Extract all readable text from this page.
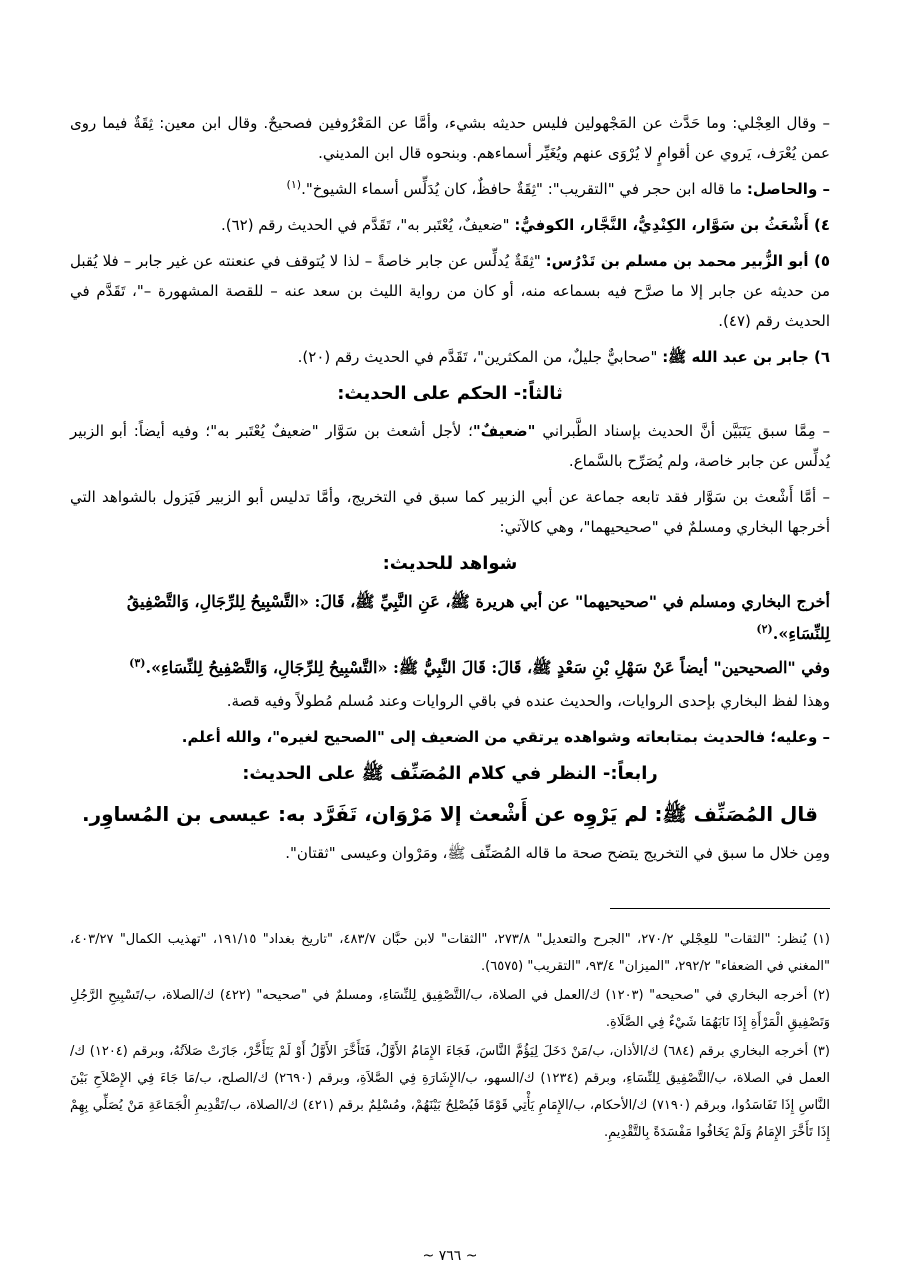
– وقال العِجْلي: وما حَدَّث عن المَجْهولين فليس حديثه بشيء، وأمَّا عن المَعْرُوفين فصحيحٌ. وقال ابن معين: ثِقَةٌ فيما روى عمن يُعْرَف، يَروي عن أقوامٍ لا يُرْوَى عنهم ويُغَيِّر أسماءهم. وبنحوه قال ابن المديني.

– والحاصل: ما قاله ابن حجر في "التقريب": "ثِقَةٌ حافظٌ، كان يُدَلِّس أسماء الشيوخ".$^{(١)}$

٤) أَشْعَثُ بن سَوَّار، الكِنْدِيُّ، النَّجَّار، الكوفيُّ: "ضعيفٌ، يُعْتَبر به"، تَقَدَّم في الحديث رقم (٦٢).

٥) أبو الزُّبير محمد بن مسلم بن تَدْرُس: "ثِقَةٌ يُدلِّس عن جابر خاصةً – لذا لا يُتوقف في عنعنته عن غير جابر – فلا يُقبل من حديثه عن جابر إلا ما صرَّح فيه بسماعه منه، أو كان من رواية الليث بن سعد عنه – للقصة المشهورة –"، تَقَدَّم في الحديث رقم (٤٧).

٦) جابر بن عبد الله ﷺ: "صحابيٌّ جليلٌ، من المكثرين"، تَقَدَّم في الحديث رقم (٢٠).

ثالثاً:- الحكم على الحديث:

– مِمَّا سبق يَتَبَيَّن أنَّ الحديث بإسناد الطَّبراني "ضعيفٌ"؛ لأجل أشعث بن سَوَّار "ضعيفٌ يُعْتَبر به"؛ وفيه أيضاً: أبو الزبير يُدلِّس عن جابر خاصة، ولم يُصَرِّح بالسَّماع.

– أمَّا أَشْعث بن سَوَّار فقد تابعه جماعة عن أبي الزبير كما سبق في التخريج، وأمَّا تدليس أبو الزبير فَيَزول بالشواهد التي أخرجها البخاري ومسلمٌ في "صحيحيهما"، وهي كالآتي:

شواهد للحديث:

أخرج البخاري ومسلم في "صحيحيهما" عن أبي هريرة ﷺ، عَنِ النَّبِيِّ ﷺ، قَالَ: «التَّسْبِيحُ لِلرِّجَالِ، وَالتَّصْفِيقُ لِلنِّسَاءِ».$^{(٢)}$

وفي "الصحيحين" أيضاً عَنْ سَهْلِ بْنِ سَعْدٍ ﷺ، قَالَ: قَالَ النَّبِيُّ ﷺ: «التَّسْبِيحُ لِلرِّجَالِ، وَالتَّصْفِيحُ لِلنِّسَاءِ».$^{(٣)}$

وهذا لفظ البخاري بإحدى الروايات، والحديث عنده في باقي الروايات وعند مُسلم مُطولاً وفيه قصة.

– وعليه؛ فالحديث بمتابعاته وشواهده يرتقي من الضعيف إلى "الصحيح لغيره"، والله أعلم.

رابعاً:- النظر في كلام المُصَنِّف ﷺ على الحديث:
قال المُصَنِّف ﷺ: لم يَرْوِه عن أَشْعث إلا مَرْوَان، تَفَرَّد به: عيسى بن المُساوِر.

ومِن خلال ما سبق في التخريج يتضح صحة ما قاله المُصَنِّف ﷺ، ومَرْوان وعيسى "ثقتان".

(١) يُنظر: "الثقات" للعِجْلي ٢٧٠/٢، "الجرح والتعديل" ٢٧٣/٨، "الثقات" لابن حبَّان ٤٨٣/٧، "تاريخ بغداد" ١٩١/١٥، "تهذيب الكمال" ٤٠٣/٢٧، "المغني في الضعفاء" ٢٩٢/٢، "الميزان" ٩٣/٤، "التقريب" (٦٥٧٥).

(٢) أخرجه البخاري في "صحيحه" (١٢٠٣) ك/العمل في الصلاة، ب/التَّصْفِيق لِلنِّسَاءِ، ومسلمٌ في "صحيحه" (٤٢٢) ك/الصلاة، ب/تَسْبِيحِ الرَّجُلِ وَتَصْفِيقِ الْمَرْأَةِ إِذَا نَابَهُمَا شَيْءٌ فِي الصَّلَاةِ.

(٣) أخرجه البخاري برقم (٦٨٤) ك/الأذان، ب/مَنْ دَخَلَ لِيَؤُمَّ النَّاسَ، فَجَاءَ الإِمَامُ الأَوَّلُ، فَتَأَخَّرَ الأَوَّلُ أَوْ لَمْ يَتَأَخَّرْ، جَازَتْ صَلاَتُهُ، وبرقم (١٢٠٤) ك/العمل في الصلاة، ب/التَّصْفِيق لِلنِّسَاءِ، وبرقم (١٢٣٤) ك/السهو، ب/الإِشَارَةِ فِي الصَّلاَةِ، وبرقم (٢٦٩٠) ك/الصلح، ب/مَا جَاءَ فِي الإِصْلاَحِ بَيْنَ النَّاسِ إِذَا تَفَاسَدُوا، وبرقم (٧١٩٠) ك/الأحكام، ب/الإِمَامِ يَأْتِي قَوْمًا فَيُصْلِحُ بَيْنَهُمْ، ومُسْلِمٌ برقم (٤٢١) ك/الصلاة، ب/تَقْدِيمِ الْجَمَاعَةِ مَنْ يُصَلِّي بِهِمْ إِذَا تَأَخَّرَ الإِمَامُ وَلَمْ يَخَافُوا مَفْسَدَةً بِالتَّقْدِيمِ.

~ ٧٦٦ ~
